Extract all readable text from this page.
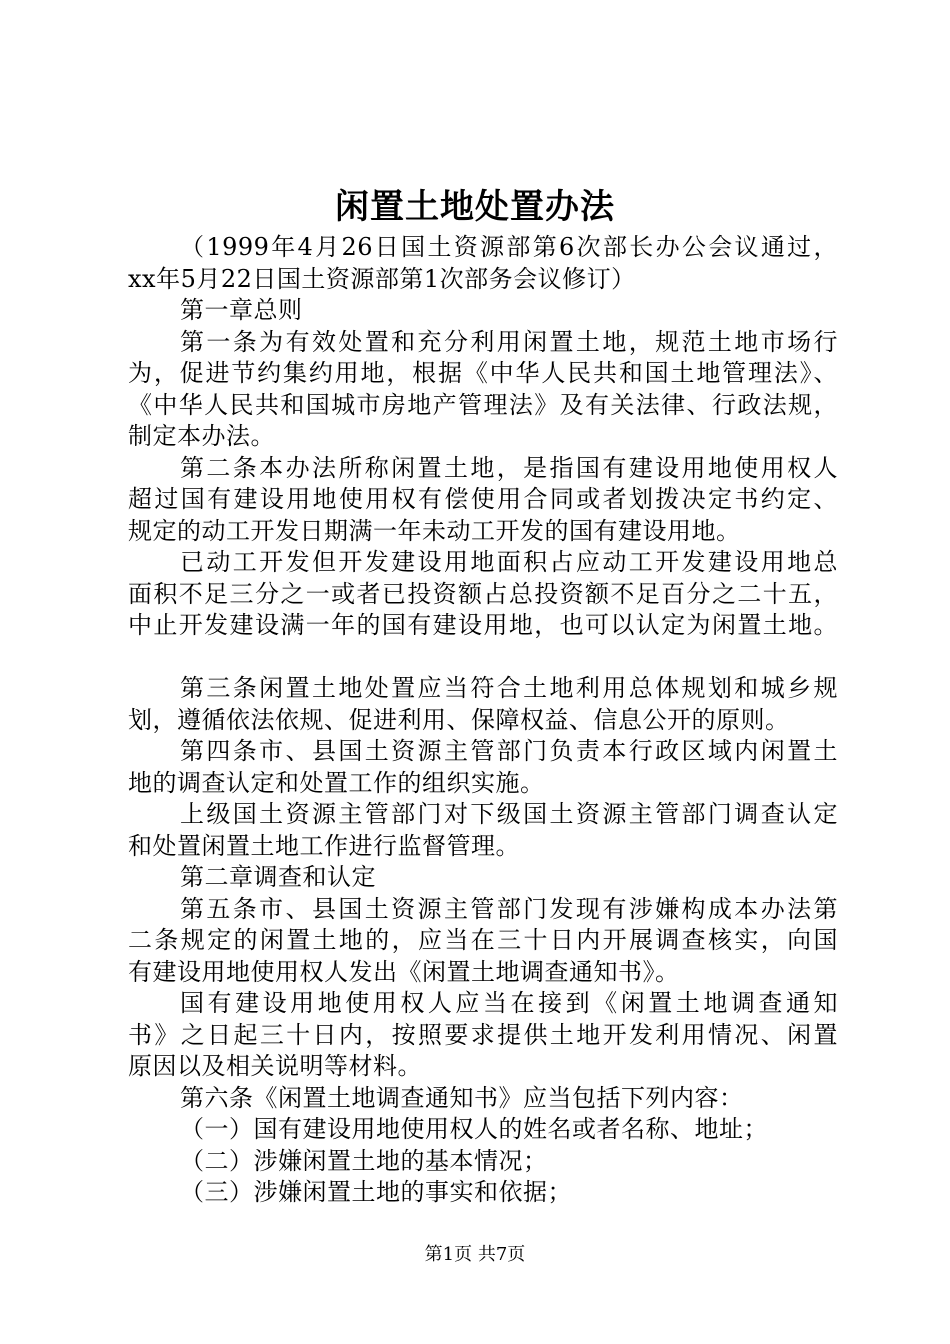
闲置土地处置办法
（1999年4月26日国土资源部第6次部长办公会议通过，
xx年5月22日国土资源部第1次部务会议修订）
第一章总则
第一条为有效处置和充分利用闲置土地，规范土地市场行
为，促进节约集约用地，根据《中华人民共和国土地管理法》、
《中华人民共和国城市房地产管理法》及有关法律、行政法规，
制定本办法。
第二条本办法所称闲置土地，是指国有建设用地使用权人
超过国有建设用地使用权有偿使用合同或者划拨决定书约定、
规定的动工开发日期满一年未动工开发的国有建设用地。
已动工开发但开发建设用地面积占应动工开发建设用地总
面积不足三分之一或者已投资额占总投资额不足百分之二十五，
中止开发建设满一年的国有建设用地，也可以认定为闲置土地。
第三条闲置土地处置应当符合土地利用总体规划和城乡规
划，遵循依法依规、促进利用、保障权益、信息公开的原则。
第四条市、县国土资源主管部门负责本行政区域内闲置土
地的调查认定和处置工作的组织实施。
上级国土资源主管部门对下级国土资源主管部门调查认定
和处置闲置土地工作进行监督管理。
第二章调查和认定
第五条市、县国土资源主管部门发现有涉嫌构成本办法第
二条规定的闲置土地的，应当在三十日内开展调查核实，向国
有建设用地使用权人发出《闲置土地调查通知书》。
国有建设用地使用权人应当在接到《闲置土地调查通知
书》之日起三十日内，按照要求提供土地开发利用情况、闲置
原因以及相关说明等材料。
第六条《闲置土地调查通知书》应当包括下列内容：
（一）国有建设用地使用权人的姓名或者名称、地址；
（二）涉嫌闲置土地的基本情况；
（三）涉嫌闲置土地的事实和依据；
第1页 共7页
